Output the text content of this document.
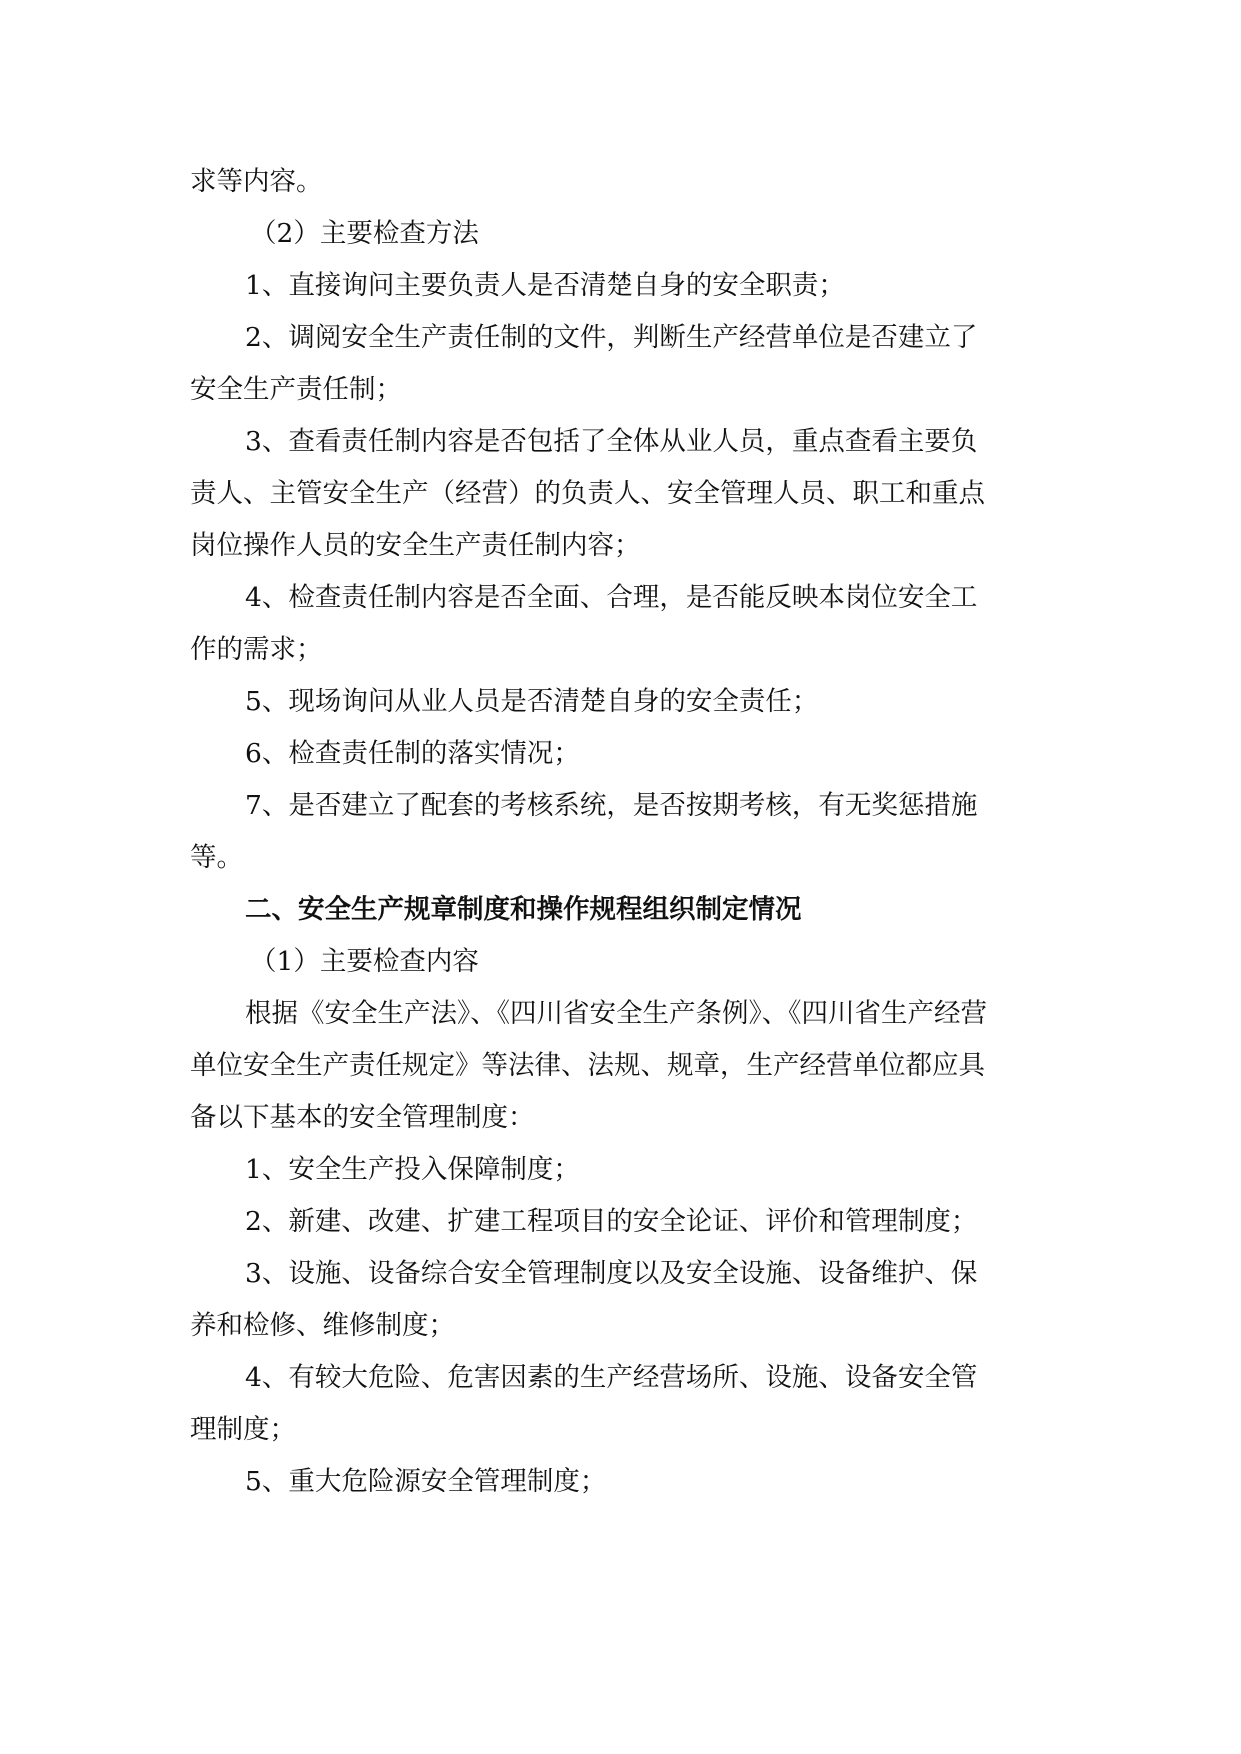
求等内容。
（2）主要检查方法
1、直接询问主要负责人是否清楚自身的安全职责；
2、调阅安全生产责任制的文件，判断生产经营单位是否建立了
安全生产责任制；
3、查看责任制内容是否包括了全体从业人员，重点查看主要负
责人、主管安全生产（经营）的负责人、安全管理人员、职工和重点
岗位操作人员的安全生产责任制内容；
4、检查责任制内容是否全面、合理，是否能反映本岗位安全工
作的需求；
5、现场询问从业人员是否清楚自身的安全责任；
6、检查责任制的落实情况；
7、是否建立了配套的考核系统，是否按期考核，有无奖惩措施
等。
二、安全生产规章制度和操作规程组织制定情况
（1）主要检查内容
根据《安全生产法》、《四川省安全生产条例》、《四川省生产经营
单位安全生产责任规定》等法律、法规、规章，生产经营单位都应具
备以下基本的安全管理制度：
1、安全生产投入保障制度；
2、新建、改建、扩建工程项目的安全论证、评价和管理制度；
3、设施、设备综合安全管理制度以及安全设施、设备维护、保
养和检修、维修制度；
4、有较大危险、危害因素的生产经营场所、设施、设备安全管
理制度；
5、重大危险源安全管理制度；
